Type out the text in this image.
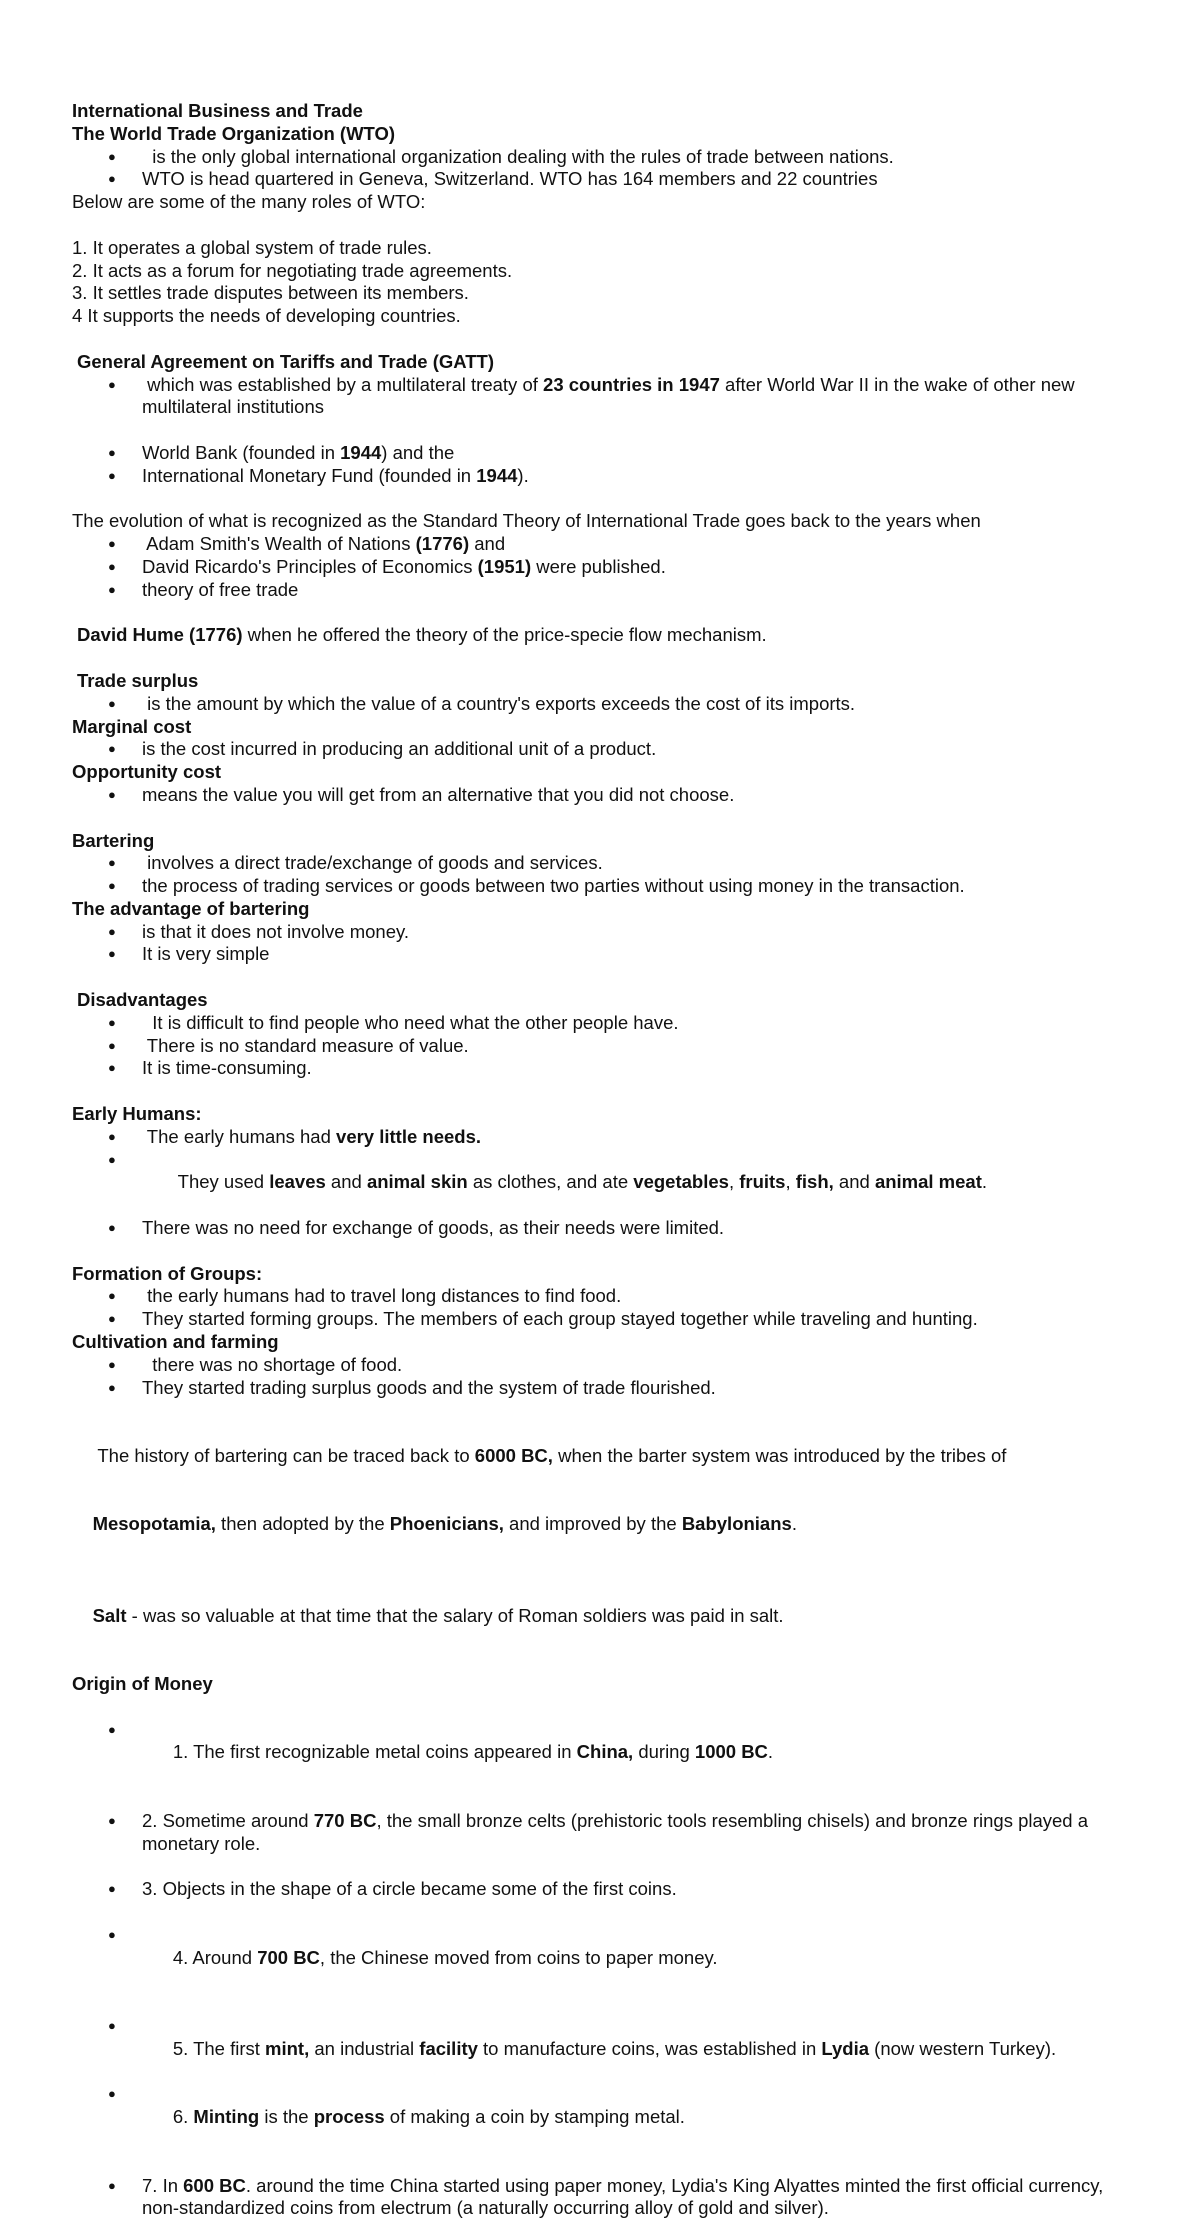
International Business and Trade
The World Trade Organization (WTO)
●   is the only global international organization dealing with the rules of trade between nations.
● WTO is head quartered in Geneva, Switzerland. WTO has 164 members and 22 countries
Below are some of the many roles of WTO:
1. It operates a global system of trade rules.
2. It acts as a forum for negotiating trade agreements.
3. It settles trade disputes between its members.
4 It supports the needs of developing countries.
General Agreement on Tariffs and Trade (GATT)
●  which was established by a multilateral treaty of 23 countries in 1947 after World War II in the wake of other new multilateral institutions
● World Bank (founded in 1944) and the
● International Monetary Fund (founded in 1944).
The evolution of what is recognized as the Standard Theory of International Trade goes back to the years when
●  Adam Smith's Wealth of Nations (1776) and
● David Ricardo's Principles of Economics (1951) were published.
● theory of free trade
David Hume (1776) when he offered the theory of the price-specie flow mechanism.
Trade surplus
●  is the amount by which the value of a country's exports exceeds the cost of its imports.
Marginal cost
● is the cost incurred in producing an additional unit of a product.
Opportunity cost
● means the value you will get from an alternative that you did not choose.
Bartering
●  involves a direct trade/exchange of goods and services.
● the process of trading services or goods between two parties without using money in the transaction.
The advantage of bartering
● is that it does not involve money.
● It is very simple
Disadvantages
●   It is difficult to find people who need what the other people have.
●  There is no standard measure of value.
● It is time-consuming.
Early Humans:
●  The early humans had very little needs.

●  They used leaves and animal skin as clothes, and ate vegetables, fruits, fish, and animal meat.

● There was no need for exchange of goods, as their needs were limited.
Formation of Groups:
●  the early humans had to travel long distances to find food.
● They started forming groups. The members of each group stayed together while traveling and hunting.
Cultivation and farming
●   there was no shortage of food.
● They started trading surplus goods and the system of trade flourished.

The history of bartering can be traced back to 6000 BC, when the barter system was introduced by the tribes of

Mesopotamia, then adopted by the Phoenicians, and improved by the Babylonians.

Salt - was so valuable at that time that the salary of Roman soldiers was paid in salt.

Origin of Money

● 1. The first recognizable metal coins appeared in China, during 1000 BC.

● 2. Sometime around 770 BC, the small bronze celts (prehistoric tools resembling chisels) and bronze rings played a monetary role.
● 3. Objects in the shape of a circle became some of the first coins.

● 4. Around 700 BC, the Chinese moved from coins to paper money.

● 5. The first mint, an industrial facility to manufacture coins, was established in Lydia (now western Turkey).

● 6. Minting is the process of making a coin by stamping metal.

● 7. In 600 BC. around the time China started using paper money, Lydia's King Alyattes minted the first official currency, non-standardized coins from electrum (a naturally occurring alloy of gold and silver).
